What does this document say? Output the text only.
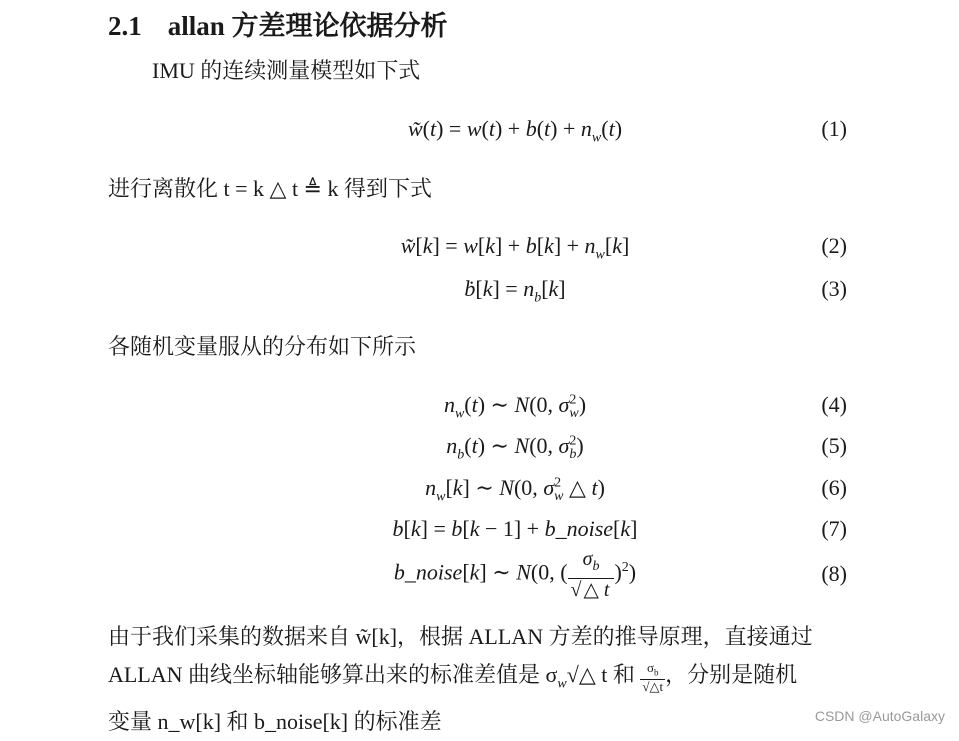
2.1 allan 方差理论依据分析
IMU 的连续测量模型如下式
w̃(t) = $w(t) + b(t) + n_w(t)$	(1)
进行离散化 t = k △ t ≜ k 得到下式
w̃[k] = $w[k] + b[k] + n_w[k]$	(2)
ḃ[k] = $n_b[k]$	(3)
各随机变量服从的分布如下所示
$n_w(t)$ ∼ N(0, $\sigma^2_w$)	(4)
$n_b(t)$ ∼ N(0, $\sigma^2_b$)	(5)
$n_w[k]$ ∼ N(0, $\sigma^2_w$ △ t)	(6)
b[k] = b[k − 1] + b_noise[k]	(7)
b_noise[k] ∼ N(0, ( $\frac{\sigma_b}{√ \triangle t} )^2$)	(8)
由于我们采集的数据来自 w̃[k]，根据 ALLAN 方差的推导原理，直接通过
ALLAN 曲线坐标轴能够算出来的标准差值是 $\sigma_w√\triangle$ t 和 $\frac{\sigma_b}{√\triangle t}$ ，分别是随机
变量 n_w[k] 和 b_noise[k] 的标准差	CSDN @AutoGalaxy
